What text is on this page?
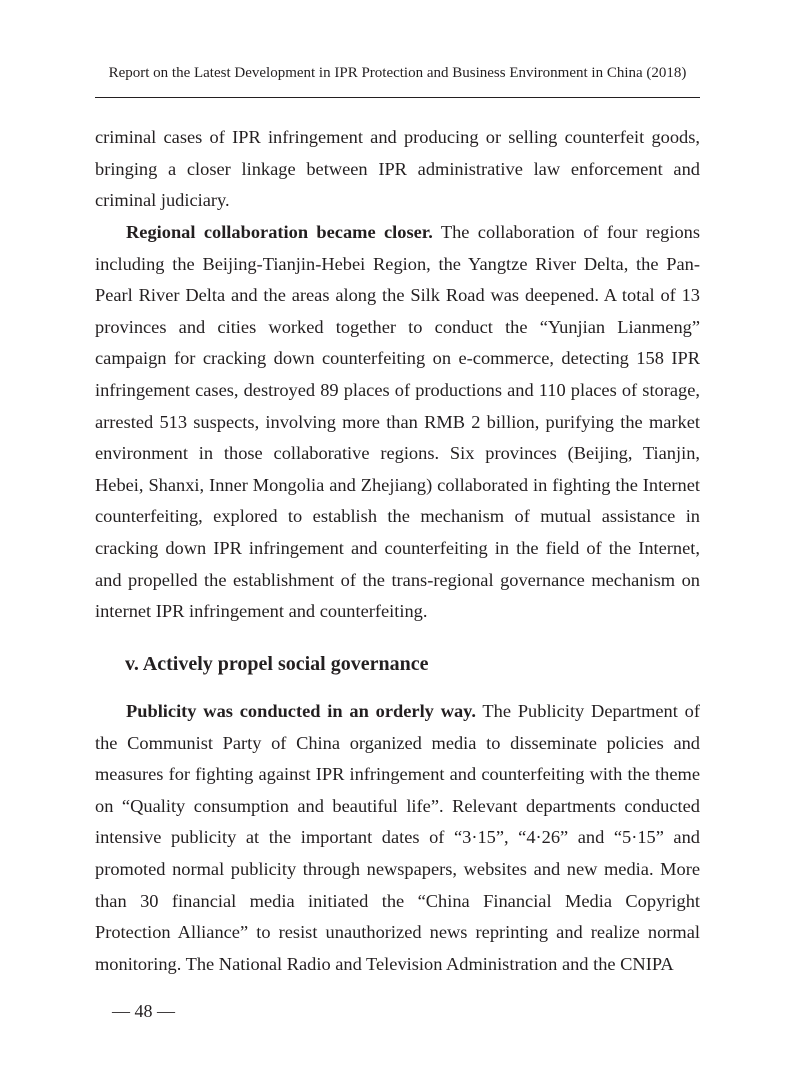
Report on the Latest Development in IPR Protection and Business Environment in China (2018)

criminal cases of IPR infringement and producing or selling counterfeit goods, bringing a closer linkage between IPR administrative law enforcement and criminal judiciary.

Regional collaboration became closer. The collaboration of four regions including the Beijing-Tianjin-Hebei Region, the Yangtze River Delta, the Pan-Pearl River Delta and the areas along the Silk Road was deepened. A total of 13 provinces and cities worked together to conduct the “Yunjian Lianmeng” campaign for cracking down counterfeiting on e-commerce, detecting 158 IPR infringement cases, destroyed 89 places of productions and 110 places of storage, arrested 513 suspects, involving more than RMB 2 billion, purifying the market environment in those collaborative regions. Six provinces (Beijing, Tianjin, Hebei, Shanxi, Inner Mongolia and Zhejiang) collaborated in fighting the Internet counterfeiting, explored to establish the mechanism of mutual assistance in cracking down IPR infringement and counterfeiting in the field of the Internet, and propelled the establishment of the trans-regional governance mechanism on internet IPR infringement and counterfeiting.

v. Actively propel social governance

Publicity was conducted in an orderly way. The Publicity Department of the Communist Party of China organized media to disseminate policies and measures for fighting against IPR infringement and counterfeiting with the theme on “Quality consumption and beautiful life”. Relevant departments conducted intensive publicity at the important dates of “3·15”, “4·26” and “5·15” and promoted normal publicity through newspapers, websites and new media. More than 30 financial media initiated the “China Financial Media Copyright Protection Alliance” to resist unauthorized news reprinting and realize normal monitoring. The National Radio and Television Administration and the CNIPA

— 48 —
